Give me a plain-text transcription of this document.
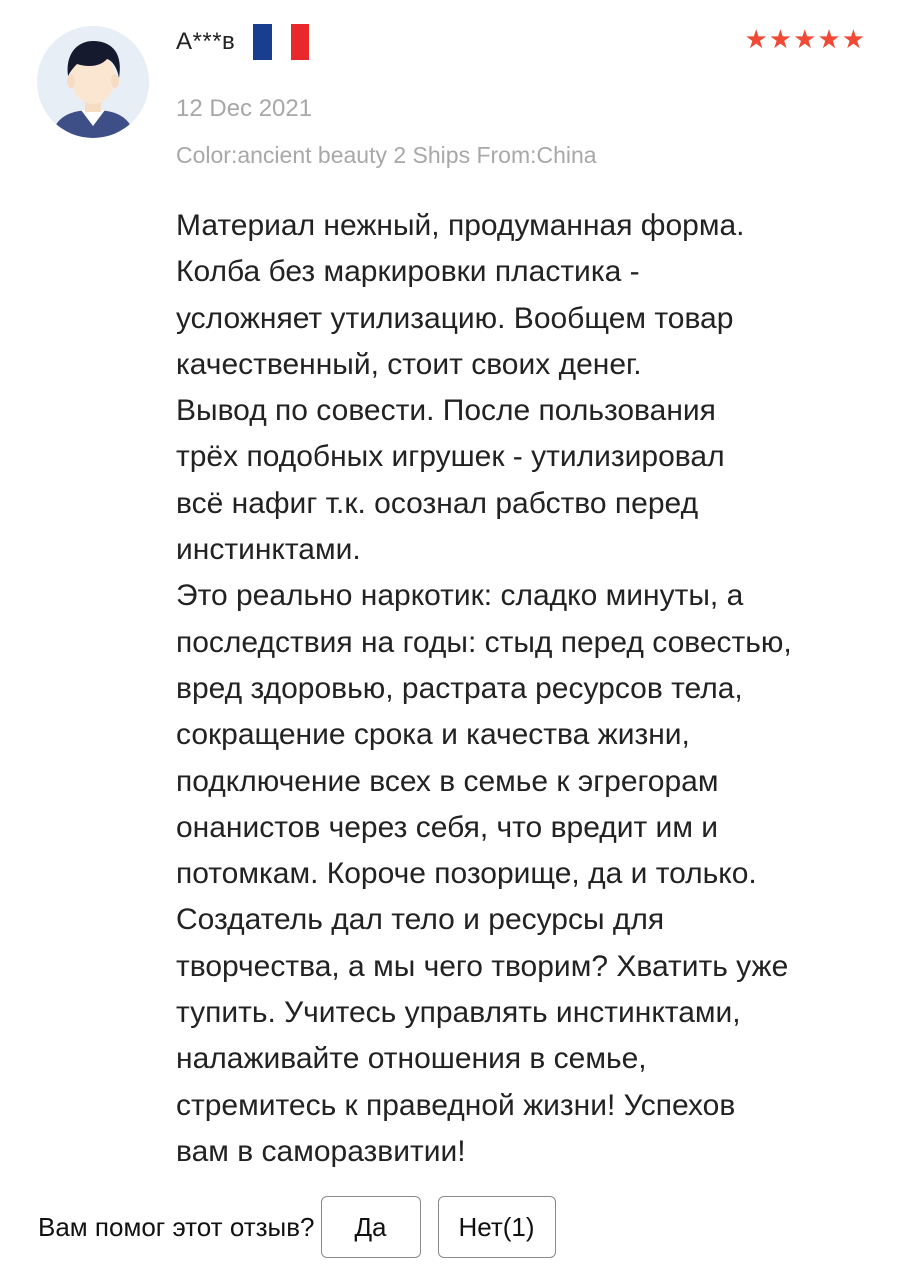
A***в	★★★★★
12 Dec 2021
Color:ancient beauty 2 Ships From:China

Материал нежный, продуманная форма.
Колба без маркировки пластика -
усложняет утилизацию. Вообщем товар
качественный, стоит своих денег.
Вывод по совести. После пользования
трёх подобных игрушек - утилизировал
всё нафиг т.к. осознал рабство перед
инстинктами.
Это реально наркотик: сладко минуты, а
последствия на годы: стыд перед совестью,
вред здоровью, растрата ресурсов тела,
сокращение срока и качества жизни,
подключение всех в семье к эгрегорам
онанистов через себя, что вредит им и
потомкам. Короче позорище, да и только.
Создатель дал тело и ресурсы для
творчества, а мы чего творим? Хватить уже
тупить. Учитесь управлять инстинктами,
налаживайте отношения в семье,
стремитесь к праведной жизни! Успехов
вам в саморазвитии!

Вам помог этот отзыв?	Да	Нет(1)
